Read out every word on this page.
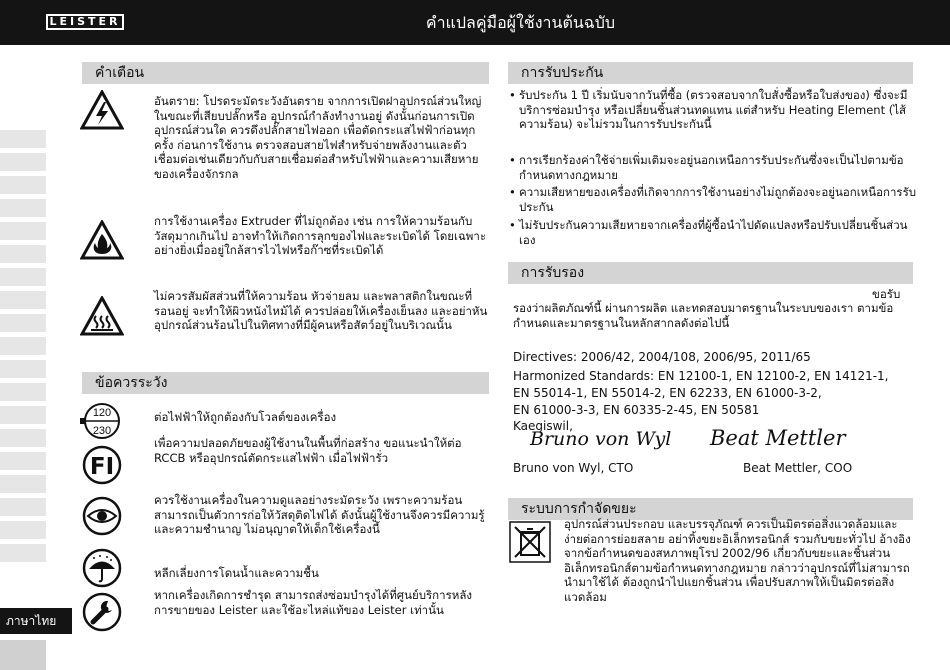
LEISTER	คำแปลคู่มือผู้ใช้งานต้นฉบับ
ภาษาไทย
คำเตือน
อันตราย: โปรดระมัดระวังอันตราย จากการเปิดฝาอุปกรณ์ส่วนใหญ่ในขณะที่เสียบปลั๊กหรือ อุปกรณ์กำลังทำงานอยู่ ดังนั้นก่อนการเปิดอุปกรณ์ส่วนใด ควรดึงปลั๊กสายไฟออก เพื่อตัดกระแสไฟฟ้าก่อนทุกครั้ง ก่อนการใช้งาน ตรวจสอบสายไฟสำหรับจ่ายพลังงานและตัวเชื่อมต่อเช่นเดียวกับกับสายเชื่อมต่อสำหรับไฟฟ้าและความเสียหายของเครื่องจักรกล
การใช้งานเครื่อง Extruder ที่ไม่ถูกต้อง เช่น การให้ความร้อนกับวัสดุมากเกินไป อาจทำให้เกิดการลุกของไฟและระเบิดได้ โดยเฉพาะอย่างยิ่งเมื่ออยู่ใกล้สารไวไฟหรือก๊าซที่ระเบิดได้
ไม่ควรสัมผัสส่วนที่ให้ความร้อน หัวจ่ายลม และพลาสติกในขณะที่รอนอยู่ จะทำให้ผิวหนังไหม้ได้ ควรปล่อยให้เครื่องเย็นลง และอย่าหันอุปกรณ์ส่วนร้อนไปในทิศทางที่มีผู้คนหรือสัตว์อยู่ในบริเวณนั้น
ข้อควรระวัง
120
230
ต่อไฟฟ้าให้ถูกต้องกับโวลต์ของเครื่อง
FI
เพื่อความปลอดภัยของผู้ใช้งานในพื้นที่ก่อสร้าง ขอแนะนำให้ต่อ RCCB หรืออุปกรณ์ตัดกระแสไฟฟ้า เมื่อไฟฟ้ารั่ว
ควรใช้งานเครื่องในความดูแลอย่างระมัดระวัง เพราะความร้อนสามารถเป็นตัวการก่อให้วัสดุติดไฟได้ ดังนั้นผู้ใช้งานจึงควรมีความรู้และความชำนาญ ไม่อนุญาตให้เด็กใช้เครื่องนี้
หลีกเลี่ยงการโดนน้ำและความชื้น
หากเครื่องเกิดการชำรุด สามารถส่งซ่อมบำรุงได้ที่ศูนย์บริการหลังการขายของ Leister และใช้อะไหล่แท้ของ Leister เท่านั้น
การรับประกัน
• รับประกัน 1 ปี เริ่มนับจากวันที่ซื้อ (ตรวจสอบจากใบสั่งซื้อหรือใบส่งของ) ซึ่งจะมีบริการซ่อมบำรุง หรือเปลี่ยนชิ้นส่วนทดแทน แต่สำหรับ Heating Element (ไส้ความร้อน) จะไม่รวมในการรับประกันนี้
• การเรียกร้องค่าใช้จ่ายเพิ่มเติมจะอยู่นอกเหนือการรับประกันซึ่งจะเป็นไปตามข้อกำหนดทางกฎหมาย
• ความเสียหายของเครื่องที่เกิดจากการใช้งานอย่างไม่ถูกต้องจะอยู่นอกเหนือการรับประกัน
• ไม่รับประกันความเสียหายจากเครื่องที่ผู้ซื้อนำไปดัดแปลงหรือปรับเปลี่ยนชิ้นส่วนเอง
การรับรอง
ขอรับ
รองว่าผลิตภัณฑ์นี้ ผ่านการผลิต และทดสอบมาตรฐานในระบบของเรา ตามข้อกำหนดและมาตรฐานในหลักสากลดังต่อไปนี้
Directives: 2006/42, 2004/108, 2006/95, 2011/65
Harmonized Standards: EN 12100-1, EN 12100-2, EN 14121-1,
EN 55014-1, EN 55014-2, EN 62233, EN 61000-3-2,
EN 61000-3-3, EN 60335-2-45, EN 50581
Kaegiswil,
Bruno von Wyl Beat Mettler
Bruno von Wyl, CTO	Beat Mettler, COO
ระบบการกำจัดขยะ
อุปกรณ์ส่วนประกอบ และบรรจุภัณฑ์ ควรเป็นมิตรต่อสิ่งแวดล้อมและง่ายต่อการย่อยสลาย อย่าทิ้งขยะอิเล็กทรอนิกส์ รวมกับขยะทั่วไป อ้างอิงจากข้อกำหนดของสหภาพยุโรป 2002/96 เกี่ยวกับขยะและชิ้นส่วนอิเล็กทรอนิกส์ตามข้อกำหนดทางกฎหมาย กล่าวว่าอุปกรณ์ที่ไม่สามารถนำมาใช้ได้ ต้องถูกนำไปแยกชิ้นส่วน เพื่อปรับสภาพให้เป็นมิตรต่อสิ่งแวดล้อม
